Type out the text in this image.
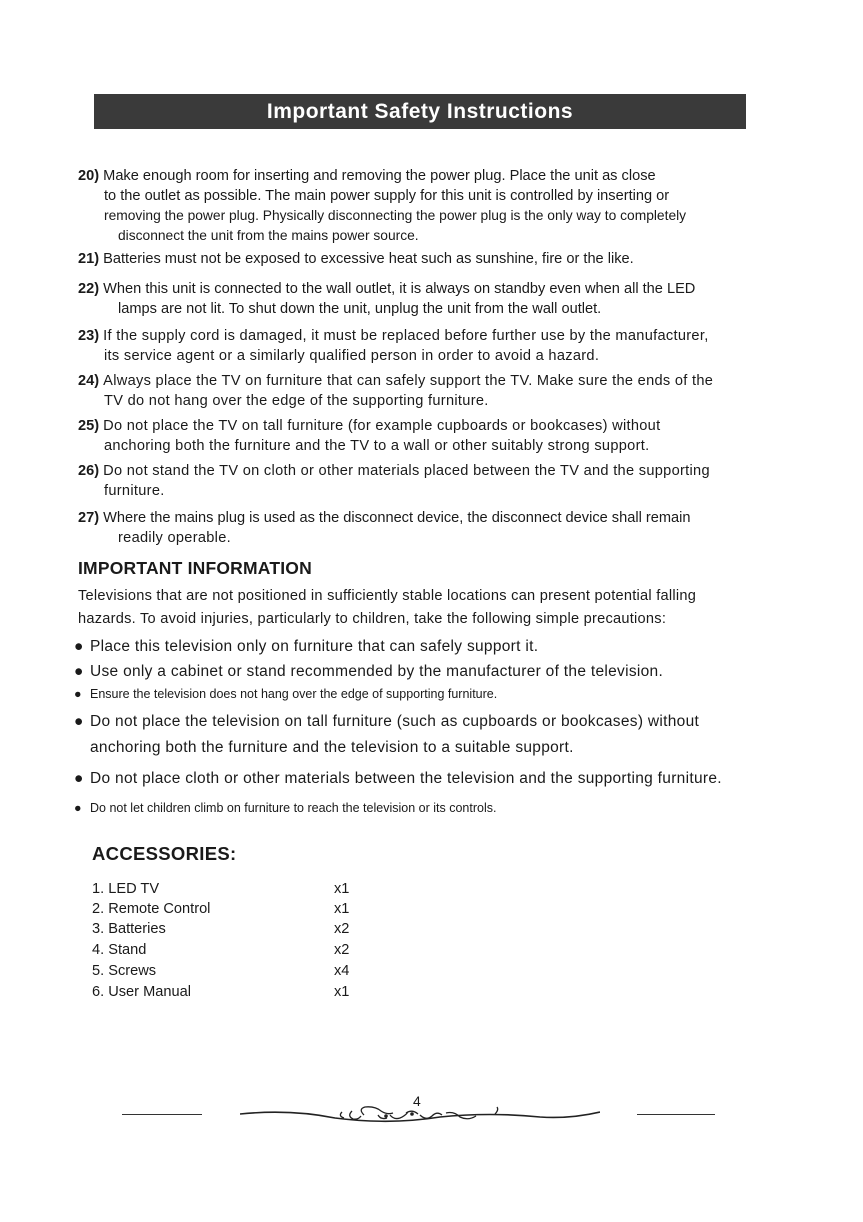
Important Safety Instructions
20) Make enough room for inserting and removing the power plug. Place the unit as close
to the outlet as possible. The main power supply for this unit is controlled by inserting or
removing the power plug. Physically disconnecting the power plug is the only way to completely
disconnect the unit from the mains power source.
21) Batteries must not be exposed to excessive heat such as sunshine, fire or the like.
22) When this unit is connected to the wall outlet, it is always on standby even when all the LED
lamps are not lit. To shut down the unit, unplug the unit from the wall outlet.
23) If the supply cord is damaged, it must be replaced before further use by the manufacturer,
its service agent or a similarly qualified person in order to avoid a hazard.
24) Always place the TV on furniture that can safely support the TV. Make sure the ends of the
TV do not hang over the edge of the supporting furniture.
25) Do not place the TV on tall furniture (for example cupboards or bookcases) without
anchoring both the furniture and the TV to a wall or other suitably strong support.
26) Do not stand the TV on cloth or other materials placed between the TV and the supporting
furniture.
27) Where the mains plug is used as the disconnect device, the disconnect device shall remain
readily operable.
IMPORTANT INFORMATION
Televisions that are not positioned in sufficiently stable locations can present potential falling
hazards. To avoid injuries, particularly to children, take the following simple precautions:
● Place this television only on furniture that can safely support it.
● Use only a cabinet or stand recommended by the manufacturer of the television.
● Ensure the television does not hang over the edge of supporting furniture.
● Do not place the television on tall furniture (such as cupboards or bookcases) without
anchoring both the furniture and the television to a suitable support.
● Do not place cloth or other materials between the television and the supporting furniture.
● Do not let children climb on furniture to reach the television or its controls.
ACCESSORIES:
1. LED TV	x1
2. Remote Control	x1
3. Batteries	x2
4. Stand	x2
5. Screws	x4
6. User Manual	x1
4
